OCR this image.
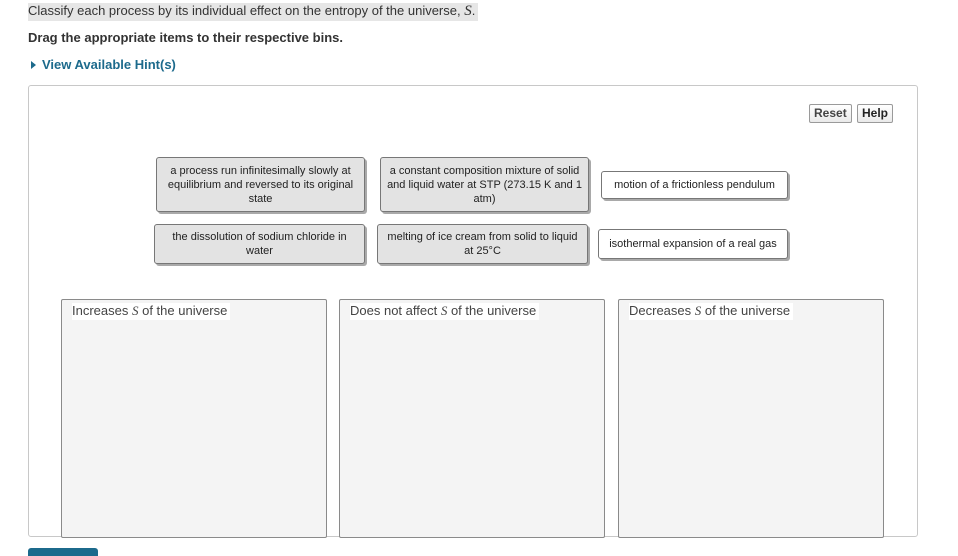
Classify each process by its individual effect on the entropy of the universe, S.
Drag the appropriate items to their respective bins.
View Available Hint(s)
Reset	Help
a process run infinitesimally slowly at equilibrium and reversed to its original state
a constant composition mixture of solid and liquid water at STP (273.15 K and 1 atm)
motion of a frictionless pendulum
the dissolution of sodium chloride in water
melting of ice cream from solid to liquid at 25°C
isothermal expansion of a real gas
Increases S of the universe	Does not affect S of the universe	Decreases S of the universe
